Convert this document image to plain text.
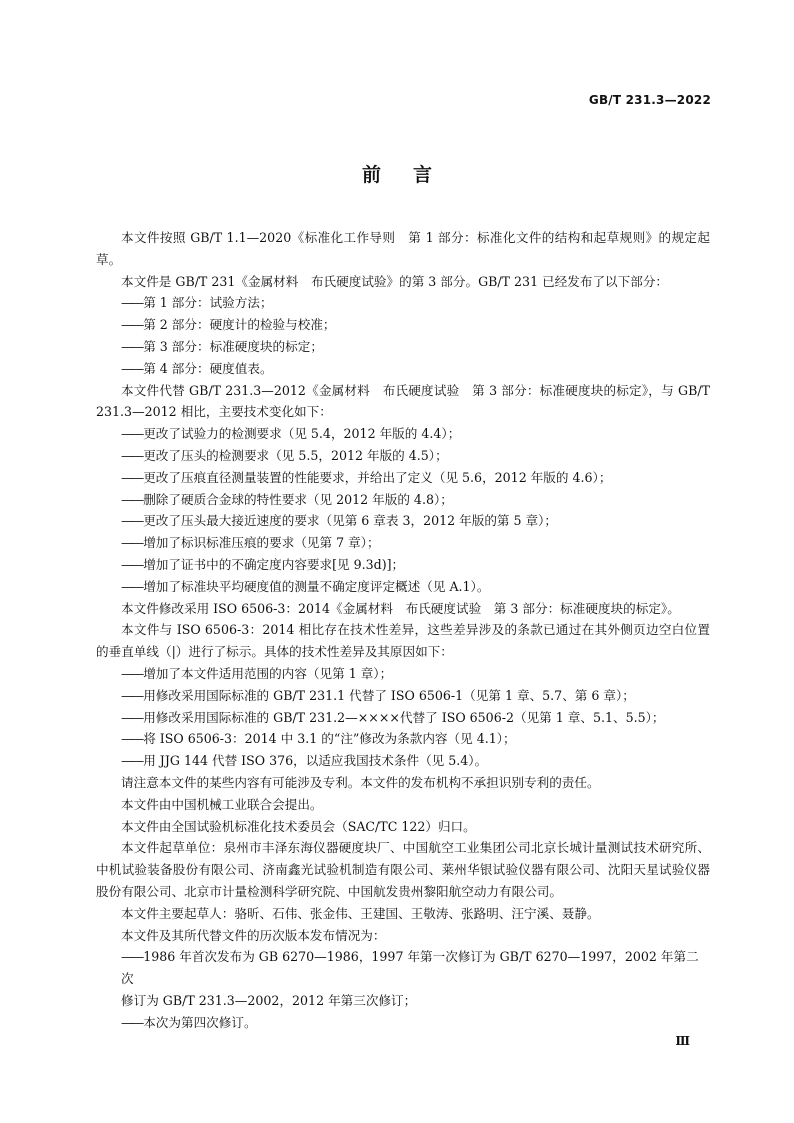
GB/T 231.3—2022
前 言

本文件按照 GB/T 1.1—2020《标准化工作导则　第 1 部分：标准化文件的结构和起草规则》的规定起草。

本文件是 GB/T 231《金属材料　布氏硬度试验》的第 3 部分。GB/T 231 已经发布了以下部分：

—— 第 1 部分：试验方法；

—— 第 2 部分：硬度计的检验与校准；

—— 第 3 部分：标准硬度块的标定；

—— 第 4 部分：硬度值表。

本文件代替 GB/T 231.3—2012《金属材料　布氏硬度试验　第 3 部分：标准硬度块的标定》，与 GB/T 231.3—2012 相比，主要技术变化如下：

—— 更改了试验力的检测要求（见 5.4，2012 年版的 4.4）；

—— 更改了压头的检测要求（见 5.5，2012 年版的 4.5）；

—— 更改了压痕直径测量装置的性能要求，并给出了定义（见 5.6，2012 年版的 4.6）；

—— 删除了硬质合金球的特性要求（见 2012 年版的 4.8）；

—— 更改了压头最大接近速度的要求（见第 6 章表 3，2012 年版的第 5 章）；

—— 增加了标识标准压痕的要求（见第 7 章）；

—— 增加了证书中的不确定度内容要求[见 9.3d)]；

—— 增加了标准块平均硬度值的测量不确定度评定概述（见 A.1）。

本文件修改采用 ISO 6506-3：2014《金属材料　布氏硬度试验　第 3 部分：标准硬度块的标定》。

本文件与 ISO 6506-3：2014 相比存在技术性差异，这些差异涉及的条款已通过在其外侧页边空白位置的垂直单线（|）进行了标示。具体的技术性差异及其原因如下：

—— 增加了本文件适用范围的内容（见第 1 章）；

—— 用修改采用国际标准的 GB/T 231.1 代替了 ISO 6506-1（见第 1 章、5.7、第 6 章）；

—— 用修改采用国际标准的 GB/T 231.2—××××代替了 ISO 6506-2（见第 1 章、5.1、5.5）；

—— 将 ISO 6506-3：2014 中 3.1 的“注”修改为条款内容（见 4.1）；

—— 用 JJG 144 代替 ISO 376，以适应我国技术条件（见 5.4）。

请注意本文件的某些内容有可能涉及专利。本文件的发布机构不承担识别专利的责任。

本文件由中国机械工业联合会提出。

本文件由全国试验机标准化技术委员会（SAC/TC 122）归口。

本文件起草单位：泉州市丰泽东海仪器硬度块厂、中国航空工业集团公司北京长城计量测试技术研究所、中机试验装备股份有限公司、济南鑫光试验机制造有限公司、莱州华银试验仪器有限公司、沈阳天星试验仪器股份有限公司、北京市计量检测科学研究院、中国航发贵州黎阳航空动力有限公司。

本文件主要起草人：骆昕、石伟、张金伟、王建国、王敬涛、张路明、汪宁溪、聂静。

本文件及其所代替文件的历次版本发布情况为：

—— 1986 年首次发布为 GB 6270—1986，1997 年第一次修订为 GB/T 6270—1997，2002 年第二次

修订为 GB/T 231.3—2002，2012 年第三次修订；

—— 本次为第四次修订。

Ⅲ
